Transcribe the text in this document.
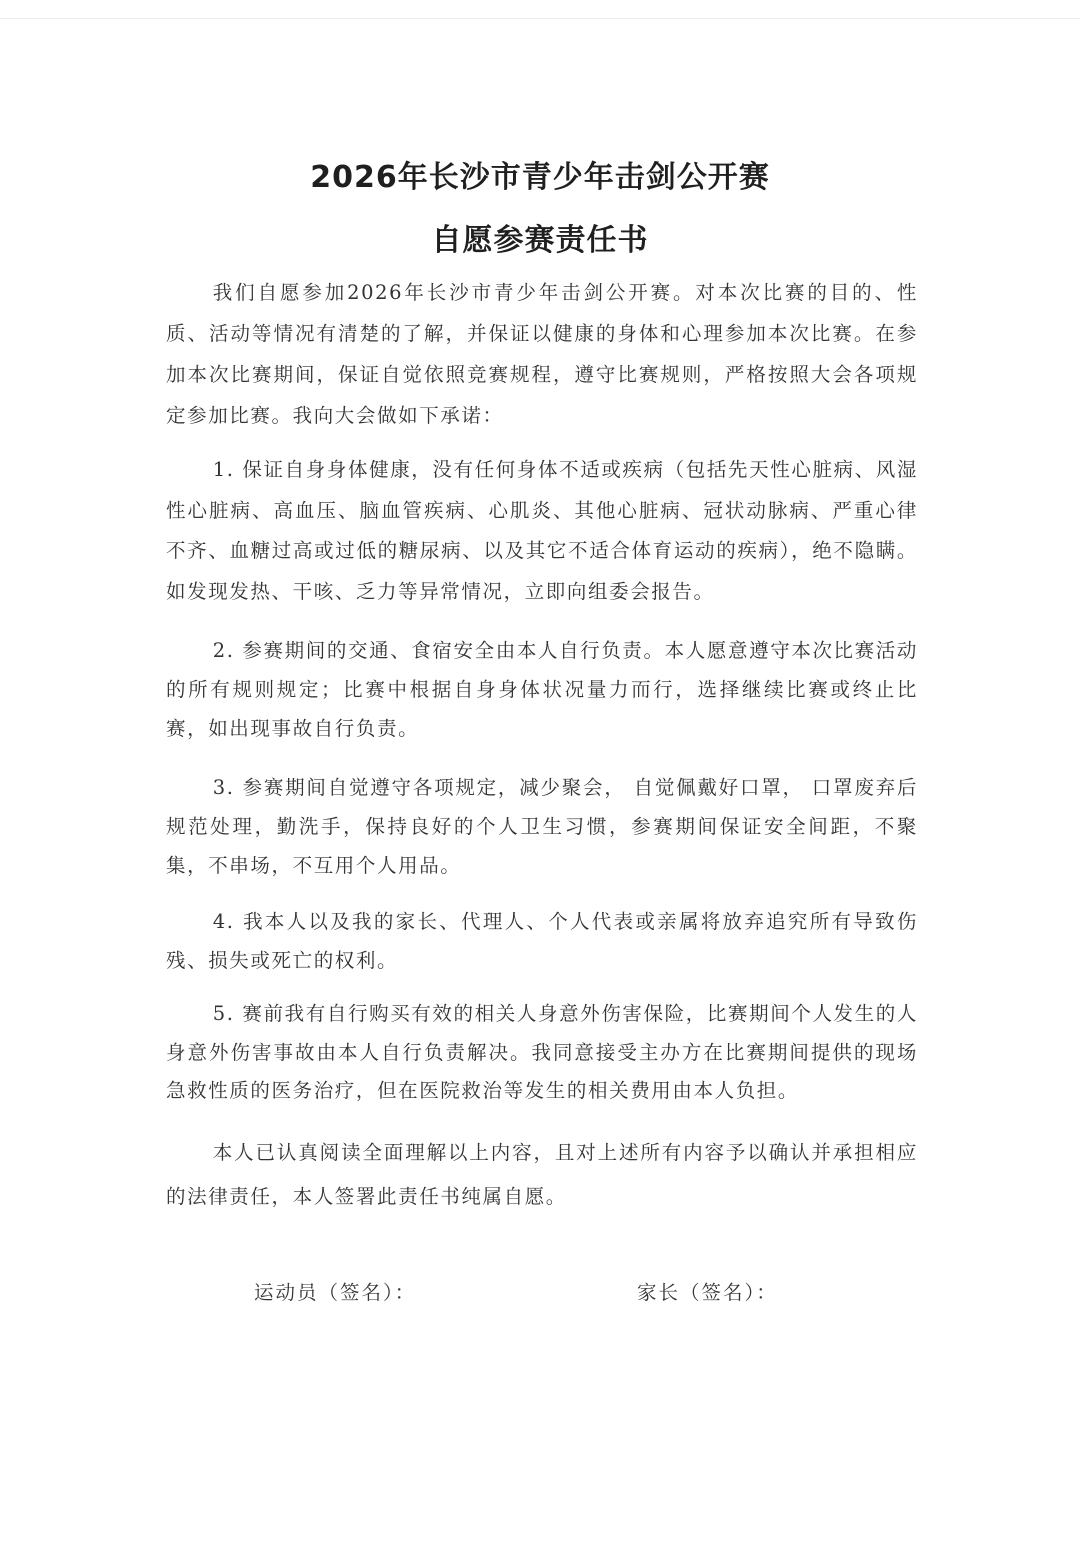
2026年长沙市青少年击剑公开赛
自愿参赛责任书

我们自愿参加2026年长沙市青少年击剑公开赛。对本次比赛的目的、性质、活动等情况有清楚的了解，并保证以健康的身体和心理参加本次比赛。在参加本次比赛期间，保证自觉依照竞赛规程，遵守比赛规则，严格按照大会各项规定参加比赛。我向大会做如下承诺：

1. 保证自身身体健康，没有任何身体不适或疾病（包括先天性心脏病、风湿性心脏病、高血压、脑血管疾病、心肌炎、其他心脏病、冠状动脉病、严重心律不齐、血糖过高或过低的糖尿病、以及其它不适合体育运动的疾病），绝不隐瞒。如发现发热、干咳、乏力等异常情况，立即向组委会报告。

2. 参赛期间的交通、食宿安全由本人自行负责。本人愿意遵守本次比赛活动的所有规则规定；比赛中根据自身身体状况量力而行，选择继续比赛或终止比赛，如出现事故自行负责。

3. 参赛期间自觉遵守各项规定，减少聚会， 自觉佩戴好口罩， 口罩废弃后规范处理，勤洗手，保持良好的个人卫生习惯，参赛期间保证安全间距，不聚集，不串场，不互用个人用品。

4. 我本人以及我的家长、代理人、个人代表或亲属将放弃追究所有导致伤残、损失或死亡的权利。

5. 赛前我有自行购买有效的相关人身意外伤害保险，比赛期间个人发生的人身意外伤害事故由本人自行负责解决。我同意接受主办方在比赛期间提供的现场急救性质的医务治疗，但在医院救治等发生的相关费用由本人负担。

本人已认真阅读全面理解以上内容，且对上述所有内容予以确认并承担相应的法律责任，本人签署此责任书纯属自愿。

运动员（签名）：	家长（签名）：
